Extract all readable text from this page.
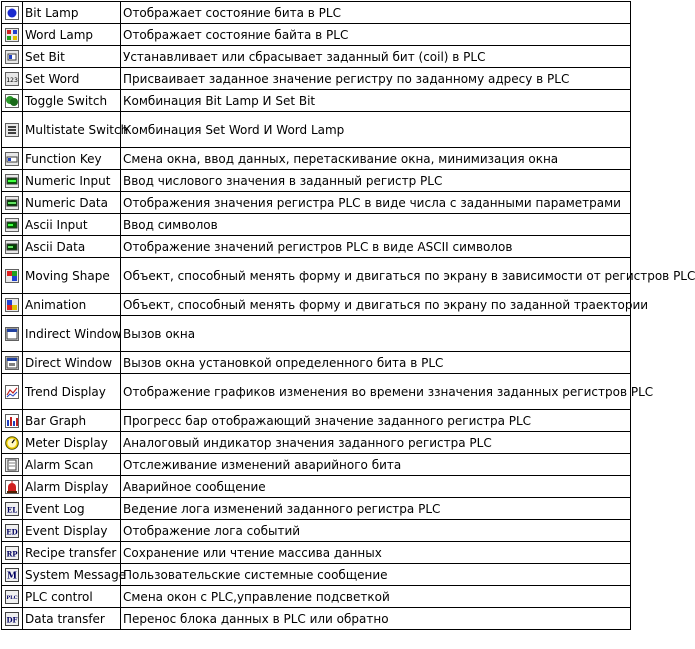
	Bit Lamp	Отображает состояние бита в PLC

	Word Lamp	Отображает состояние байта в PLC

	Set Bit	Устанавливает или сбрасывает заданный бит (coil) в PLC

123	Set Word	Присваивает заданное значение регистру по заданному адресу в PLC

	Toggle Switch	Комбинация Bit Lamp И Set Bit

	Multistate Switch	Комбинация Set Word И Word Lamp

	Function Key	Смена окна, ввод данных, перетаскивание окна, минимизация окна

	Numeric Input	Ввод числового значения в заданный регистр PLC

	Numeric Data	Отображения значения регистра PLC в виде числа с заданными параметрами

	Ascii Input	Ввод символов

	Ascii Data	Отображение значений регистров PLC в виде ASCII символов

	Moving Shape	Объект, способный менять форму и двигаться по экрану в зависимости от регистров PLC

	Animation	Объект, способный менять форму и двигаться по экрану по заданной траектории

	Indirect Window	Вызов окна

	Direct Window	Вызов окна установкой определенного бита в PLC

	Trend Display	Отображение графиков изменения во времени ззначения заданных регистров PLC

	Bar Graph	Прогресс бар отображающий значение заданного регистра PLC

	Meter Display	Аналоговый индикатор значения заданного регистра PLC

	Alarm Scan	Отслеживание изменений аварийного бита

	Alarm Display	Аварийное сообщение

EL	Event Log	Ведение лога изменений заданного регистра PLC

ED	Event Display	Отображение лога событий

RP	Recipe transfer	Сохранение или чтение массива данных

M	System Message	Пользовательские системные сообщение

PLC	PLC control	Смена окон с PLC,управление подсветкой

DF	Data transfer	Перенос блока данных в PLC или обратно
